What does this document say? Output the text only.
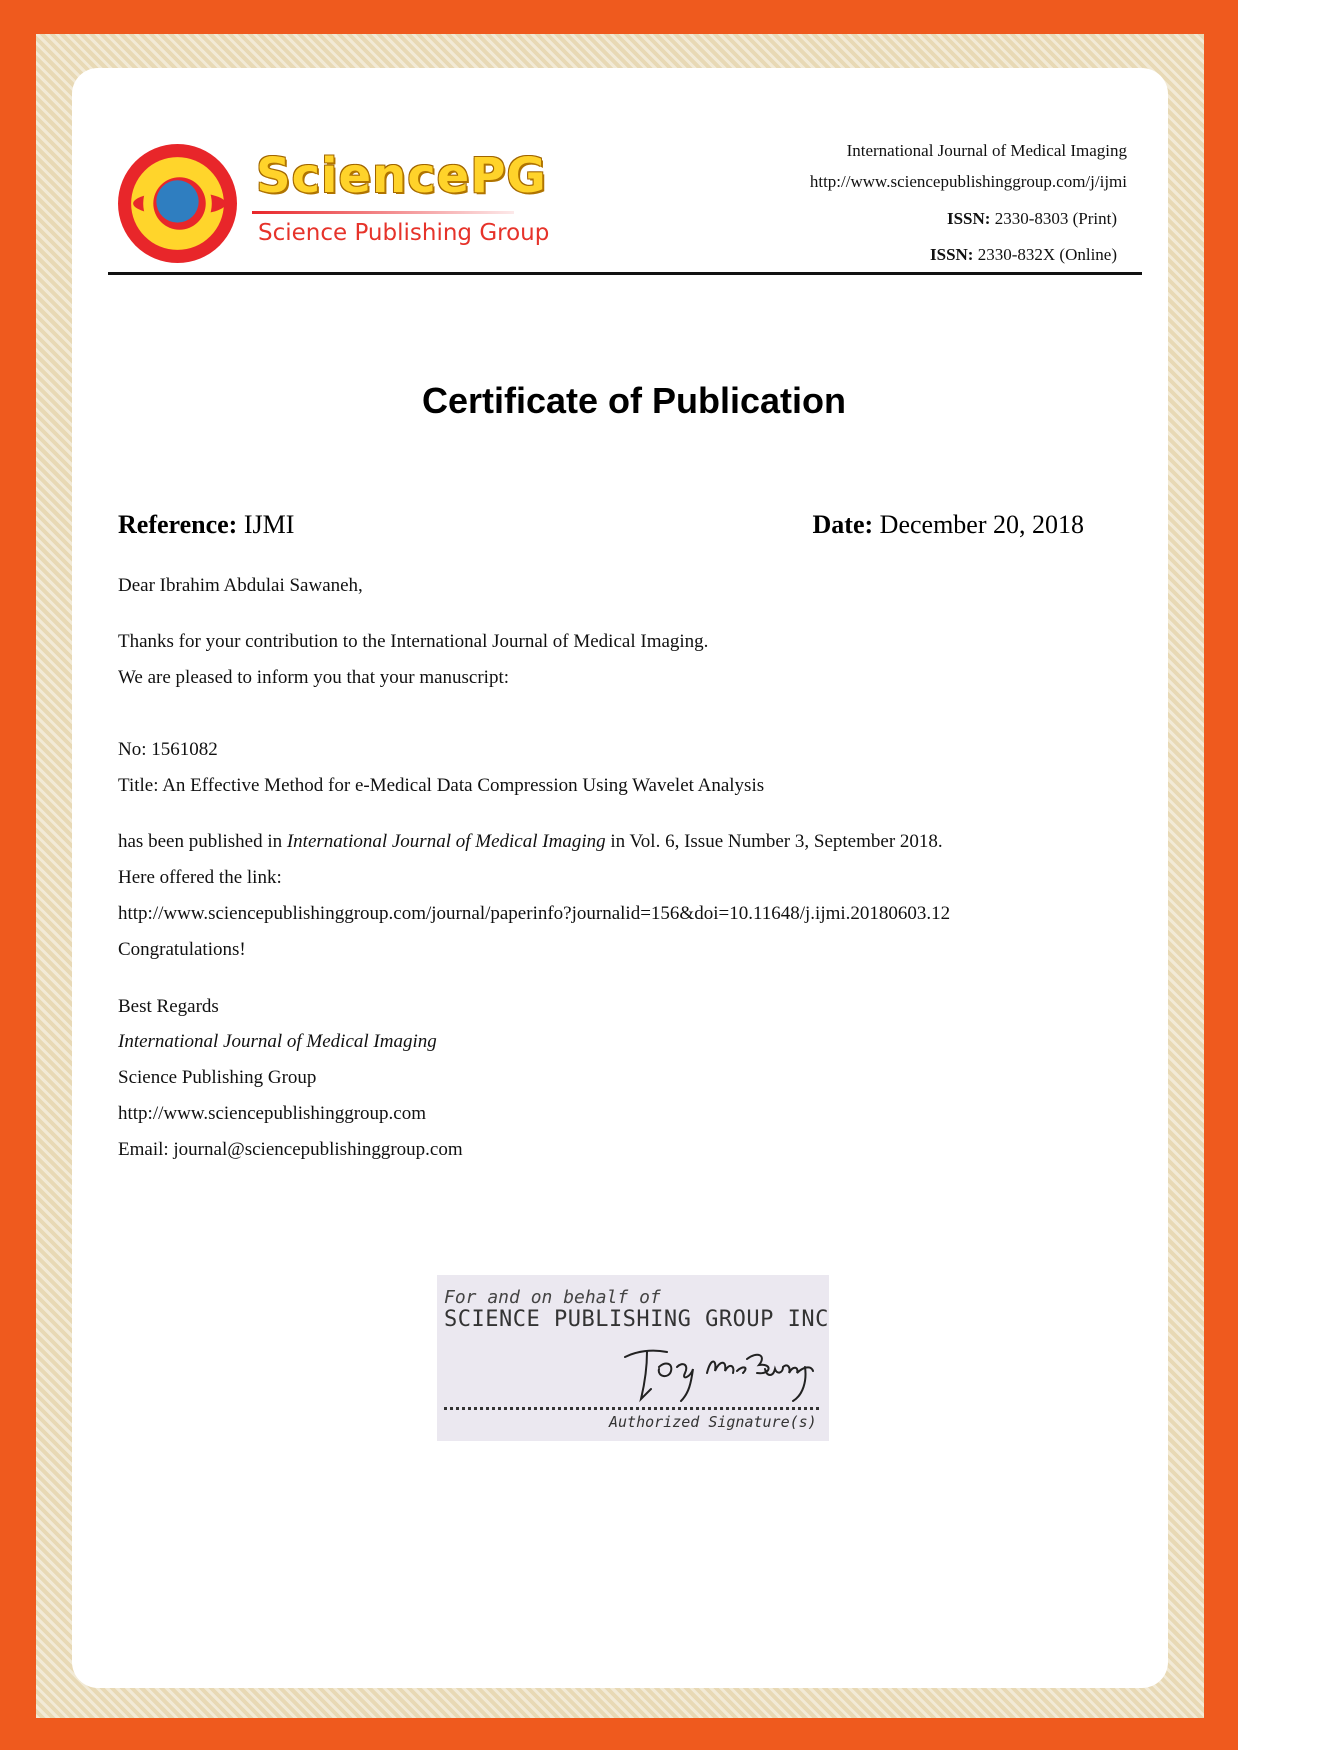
SciencePG
Science Publishing Group
International Journal of Medical Imaging
http://www.sciencepublishinggroup.com/j/ijmi
ISSN: 2330-8303 (Print)
ISSN: 2330-832X (Online)
Certificate of Publication
Reference: IJMI	Date: December 20, 2018
Dear Ibrahim Abdulai Sawaneh,
Thanks for your contribution to the International Journal of Medical Imaging.
We are pleased to inform you that your manuscript:
No: 1561082
Title: An Effective Method for e-Medical Data Compression Using Wavelet Analysis
has been published in International Journal of Medical Imaging in Vol. 6, Issue Number 3, September 2018.
Here offered the link:
http://www.sciencepublishinggroup.com/journal/paperinfo?journalid=156&doi=10.11648/j.ijmi.20180603.12
Congratulations!
Best Regards
International Journal of Medical Imaging
Science Publishing Group
http://www.sciencepublishinggroup.com
Email: journal@sciencepublishinggroup.com
For and on behalf of
SCIENCE PUBLISHING GROUP INC
Authorized Signature(s)
